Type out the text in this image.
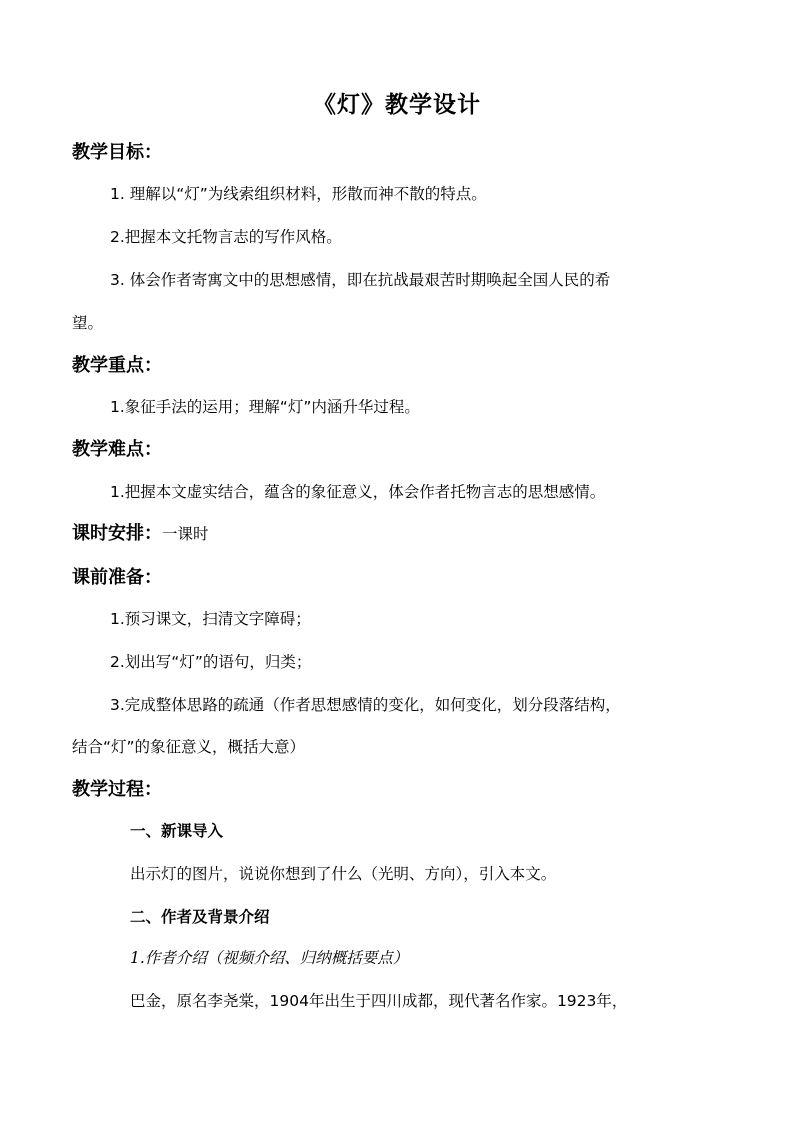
《灯》教学设计
教学目标：
1. 理解以“灯”为线索组织材料，形散而神不散的特点。
2.把握本文托物言志的写作风格。
3. 体会作者寄寓文中的思想感情，即在抗战最艰苦时期唤起全国人民的希
望。
教学重点：
1.象征手法的运用；理解“灯”内涵升华过程。
教学难点：
1.把握本文虚实结合，蕴含的象征意义，体会作者托物言志的思想感情。
课时安排：一课时
课前准备：
1.预习课文，扫清文字障碍；
2.划出写“灯”的语句，归类；
3.完成整体思路的疏通（作者思想感情的变化，如何变化，划分段落结构，
结合“灯”的象征意义，概括大意）
教学过程：
一、新课导入
出示灯的图片，说说你想到了什么（光明、方向），引入本文。
二、作者及背景介绍
1.作者介绍（视频介绍、归纳概括要点）
巴金，原名李尧棠，1904年出生于四川成都，现代著名作家。1923年，
